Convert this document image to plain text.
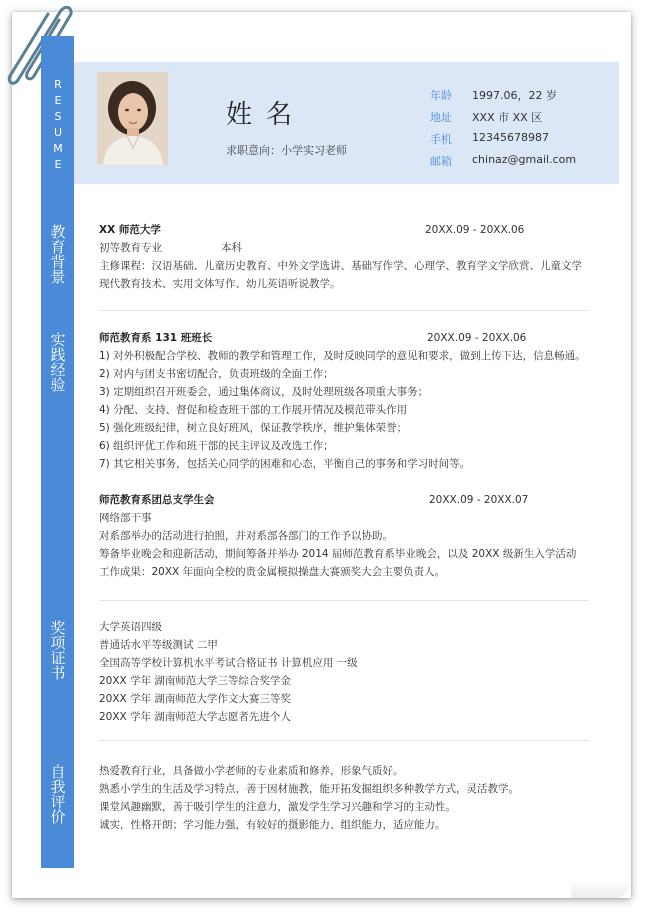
RESUME
教育背景
实践经验
奖项证书
自我评价
姓名
求职意向：小学实习老师
年龄	1997.06，22 岁
地址	XXX 市 XX 区
手机	12345678987
邮箱	chinaz@gmail.com
XX 师范大学	20XX.09 - 20XX.06
初等教育专业	本科
主修课程：汉语基础、儿童历史教育、中外文学选讲、基础写作学、心理学、教育学文学欣赏、儿童文学
现代教育技术、实用文体写作、幼儿英语听说教学。
师范教育系 131 班班长	20XX.09 - 20XX.06
1) 对外积极配合学校、教师的教学和管理工作，及时反映同学的意见和要求，做到上传下达，信息畅通。
2) 对内与团支书密切配合，负责班级的全面工作；
3) 定期组织召开班委会，通过集体商议，及时处理班级各项重大事务；
4) 分配、支持、督促和检查班干部的工作展开情况及模范带头作用
5) 强化班级纪律，树立良好班风，保证教学秩序，维护集体荣誉；
6) 组织评优工作和班干部的民主评议及改选工作；
7) 其它相关事务，包括关心同学的困难和心态，平衡自己的事务和学习时间等。
师范教育系团总支学生会	20XX.09 - 20XX.07
网络部干事
对系部举办的活动进行拍照，并对系部各部门的工作予以协助。
筹备毕业晚会和迎新活动，期间筹备并举办 2014 届师范教育系毕业晚会，以及 20XX 级新生入学活动
工作成果：20XX 年面向全校的贵金属模拟操盘大赛颁奖大会主要负责人。
大学英语四级
普通话水平等级测试 二甲
全国高等学校计算机水平考试合格证书 计算机应用 一级
20XX 学年 湖南师范大学三等综合奖学金
20XX 学年 湖南师范大学作文大赛三等奖
20XX 学年 湖南师范大学志愿者先进个人
热爱教育行业，具备做小学老师的专业素质和修养，形象气质好。
熟悉小学生的生活及学习特点，善于因材施教，能开拓发掘组织多种教学方式，灵活教学。
课堂风趣幽默，善于吸引学生的注意力，激发学生学习兴趣和学习的主动性。
诚实，性格开朗；学习能力强，有较好的摄影能力、组织能力，适应能力。
